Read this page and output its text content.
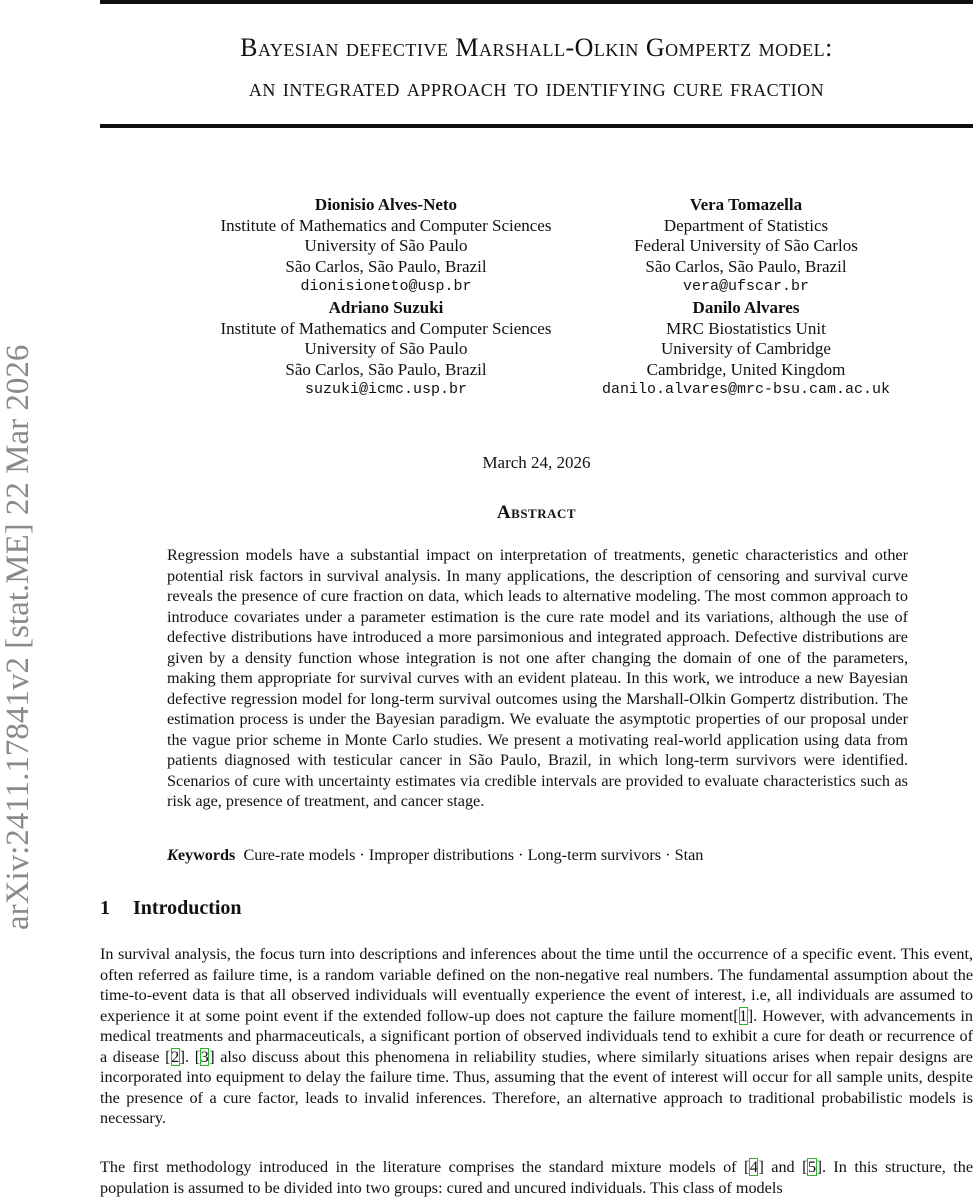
Bayesian defective Marshall-Olkin Gompertz model:
an integrated approach to identifying cure fraction
arXiv:2411.17841v2 [stat.ME] 22 Mar 2026
Dionisio Alves-Neto
Institute of Mathematics and Computer Sciences
University of São Paulo
São Carlos, São Paulo, Brazil
dionisioneto@usp.br
Vera Tomazella
Department of Statistics
Federal University of São Carlos
São Carlos, São Paulo, Brazil
vera@ufscar.br
Adriano Suzuki
Institute of Mathematics and Computer Sciences
University of São Paulo
São Carlos, São Paulo, Brazil
suzuki@icmc.usp.br
Danilo Alvares
MRC Biostatistics Unit
University of Cambridge
Cambridge, United Kingdom
danilo.alvares@mrc-bsu.cam.ac.uk
March 24, 2026
Abstract
Regression models have a substantial impact on interpretation of treatments, genetic characteristics and other potential risk factors in survival analysis. In many applications, the description of censoring and survival curve reveals the presence of cure fraction on data, which leads to alternative modeling. The most common approach to introduce covariates under a parameter estimation is the cure rate model and its variations, although the use of defective distributions have introduced a more parsimonious and integrated approach. Defective distributions are given by a density function whose integration is not one after changing the domain of one of the parameters, making them appropriate for survival curves with an evident plateau. In this work, we introduce a new Bayesian defective regression model for long-term survival outcomes using the Marshall-Olkin Gompertz distribution. The estimation process is under the Bayesian paradigm. We evaluate the asymptotic properties of our proposal under the vague prior scheme in Monte Carlo studies. We present a motivating real-world application using data from patients diagnosed with testicular cancer in São Paulo, Brazil, in which long-term survivors were identified. Scenarios of cure with uncertainty estimates via credible intervals are provided to evaluate characteristics such as risk age, presence of treatment, and cancer stage.
Keywords Cure-rate models · Improper distributions · Long-term survivors · Stan
1 Introduction
In survival analysis, the focus turn into descriptions and inferences about the time until the occurrence of a specific event. This event, often referred as failure time, is a random variable defined on the non-negative real numbers. The fundamental assumption about the time-to-event data is that all observed individuals will eventually experience the event of interest, i.e, all individuals are assumed to experience it at some point event if the extended follow-up does not capture the failure moment[1]. However, with advancements in medical treatments and pharmaceuticals, a significant portion of observed individuals tend to exhibit a cure for death or recurrence of a disease [2]. [3] also discuss about this phenomena in reliability studies, where similarly situations arises when repair designs are incorporated into equipment to delay the failure time. Thus, assuming that the event of interest will occur for all sample units, despite the presence of a cure factor, leads to invalid inferences. Therefore, an alternative approach to traditional probabilistic models is necessary.
The first methodology introduced in the literature comprises the standard mixture models of [4] and [5]. In this structure, the population is assumed to be divided into two groups: cured and uncured individuals. This class of models
